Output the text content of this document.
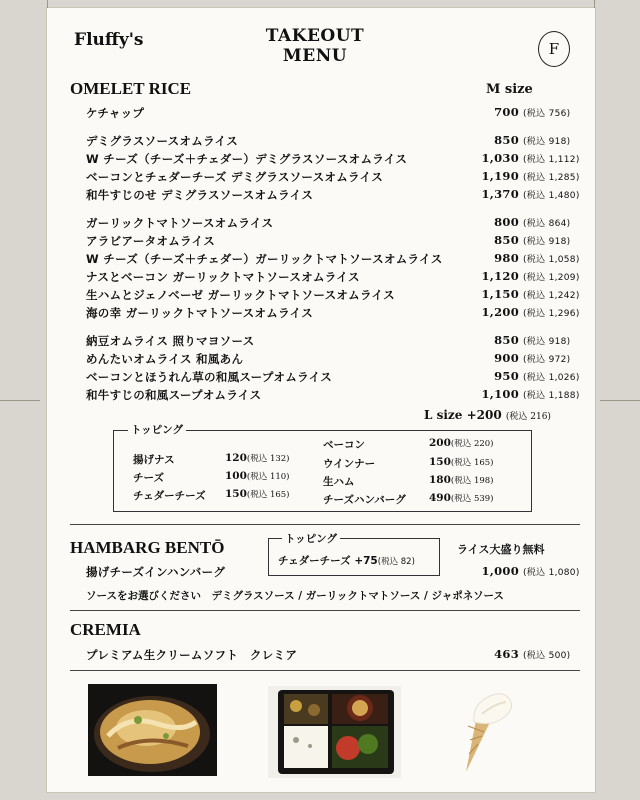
Fluffy's	TAKEOUT
MENU	F
OMELET RICE	M size
ケチャップ	700 (税込 756)
デミグラスソースオムライス	850 (税込 918)
W チーズ（チーズ＋チェダー）デミグラスソースオムライス	1,030 (税込 1,112)
ベーコンとチェダーチーズ デミグラスソースオムライス	1,190 (税込 1,285)
和牛すじのせ デミグラスソースオムライス	1,370 (税込 1,480)
ガーリックトマトソースオムライス	800 (税込 864)
アラビアータオムライス	850 (税込 918)
W チーズ（チーズ＋チェダー）ガーリックトマトソースオムライス	980 (税込 1,058)
ナスとベーコン ガーリックトマトソースオムライス	1,120 (税込 1,209)
生ハムとジェノベーゼ ガーリックトマトソースオムライス	1,150 (税込 1,242)
海の幸 ガーリックトマトソースオムライス	1,200 (税込 1,296)
納豆オムライス 照りマヨソース	850 (税込 918)
めんたいオムライス 和風あん	900 (税込 972)
ベーコンとほうれん草の和風スープオムライス	950 (税込 1,026)
和牛すじの和風スープオムライス	1,100 (税込 1,188)
L size +200 (税込 216)
トッピング
揚げナス	120(税込 132)
チーズ	100(税込 110)
チェダーチーズ 150(税込 165)
ベーコン	200(税込 220)
ウインナー	150(税込 165)
生ハム	180(税込 198)
チーズハンバーグ 490(税込 539)
HAMBARG BENTŌ	トッピング
チェダーチーズ +75(税込 82)
ライス大盛り無料
揚げチーズインハンバーグ	1,000 (税込 1,080)
ソースをお選びください　デミグラスソース / ガーリックトマトソース / ジャポネソース
CREMIA
プレミアム生クリームソフト　クレミア	463 (税込 500)
